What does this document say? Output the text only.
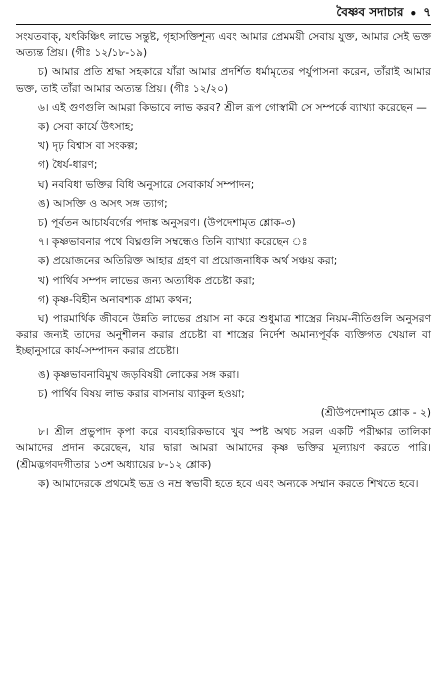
বৈষ্ণব সদাচার • ৭

সংযতবাক্, যৎকিঞ্চিৎ লাভে সন্তুষ্ট, গৃহাসক্তিশূন্য এবং আমার প্রেমময়ী সেবায় যুক্ত, আমার সেই ভক্ত অত্যন্ত প্রিয়। (গীঃ ১২/১৮-১৯)

চ) আমার প্রতি শ্রদ্ধা সহকারে যাঁরা আমার প্রদর্শিত ধর্মামৃতের পর্যুপাসনা করেন, তাঁরাই আমার ভক্ত, তাই তাঁরা আমার অত্যন্ত প্রিয়। (গীঃ ১২/২০)

৬। এই গুণগুলি আমরা কিভাবে লাভ করব? শ্রীল রূপ গোস্বামী সে সম্পর্কে ব্যাখ্যা করেছেন —

ক) সেবা কার্যে উৎসাহ;
খ) দৃঢ় বিশ্বাস বা সংকল্প;
গ) ধৈর্য-ধারণ;
ঘ) নববিধা ভক্তির বিধি অনুসারে সেবাকার্য সম্পাদন;
ঙ) আসক্তি ও অসৎ সঙ্গ ত্যাগ;
চ) পূর্বতন আচার্যবর্গের পদাঙ্ক অনুসরণ। (উপদেশামৃত শ্লোক-৩)

৭। কৃষ্ণভাবনার পথে বিঘ্নগুলি সম্বন্ধেও তিনি ব্যাখ্যা করেছেন ঃ

ক) প্রয়োজনের অতিরিক্ত আহার গ্রহণ বা প্রয়োজনাধিক অর্থ সঞ্চয় করা;
খ) পার্থিব সম্পদ লাভের জন্য অত্যধিক প্রচেষ্টা করা;
গ) কৃষ্ণ-বিহীন অনাবশ্যক গ্রাম্য কথন;

ঘ) পারমার্থিক জীবনে উন্নতি লাভের প্রয়াস না করে শুধুমাত্র শাস্ত্রের নিয়ম-নীতিগুলি অনুসরণ করার জন্যই তাদের অনুশীলন করার প্রচেষ্টা বা শাস্ত্রের নির্দেশ অমান্যপূর্বক ব্যক্তিগত খেয়াল বা ইচ্ছানুসারে কার্য-সম্পাদন করার প্রচেষ্টা।

ঙ) কৃষ্ণভাবনাবিমুখ জড়বিষয়ী লোকের সঙ্গ করা।
চ) পার্থিব বিষয় লাভ করার বাসনায় ব্যাকুল হওয়া;
(শ্রীউপদেশামৃত শ্লোক - ২)

৮। শ্রীল প্রভুপাদ কৃপা করে ব্যবহারিকভাবে খুব স্পষ্ট অথচ সরল একটি পরীক্ষার তালিকা আমাদের প্রদান করেছেন, যার দ্বারা আমরা আমাদের কৃষ্ণ ভক্তির মূল্যায়ণ করতে পারি। (শ্রীমদ্ভগবদগীতার ১৩শ অধ্যায়ের ৮-১২ শ্লোক)

ক) আমাদেরকে প্রথমেই ভদ্র ও নম্র স্বভাবী হতে হবে এবং অন্যকে সম্মান করতে শিখতে হবে।
